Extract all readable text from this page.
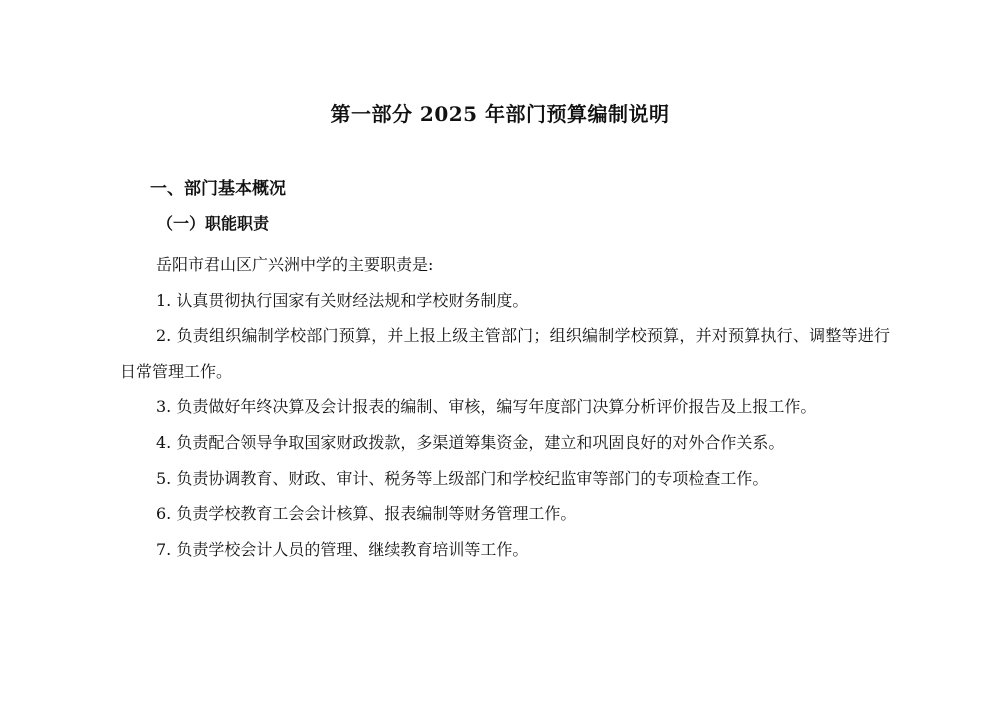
第一部分 2025 年部门预算编制说明
一、部门基本概况
（一）职能职责

岳阳市君山区广兴洲中学的主要职责是:

1. 认真贯彻执行国家有关财经法规和学校财务制度。

2. 负责组织编制学校部门预算，并上报上级主管部门；组织编制学校预算，并对预算执行、调整等进行日常管理工作。

3. 负责做好年终决算及会计报表的编制、审核，编写年度部门决算分析评价报告及上报工作。

4. 负责配合领导争取国家财政拨款，多渠道筹集资金，建立和巩固良好的对外合作关系。

5. 负责协调教育、财政、审计、税务等上级部门和学校纪监审等部门的专项检查工作。

6. 负责学校教育工会会计核算、报表编制等财务管理工作。

7. 负责学校会计人员的管理、继续教育培训等工作。
